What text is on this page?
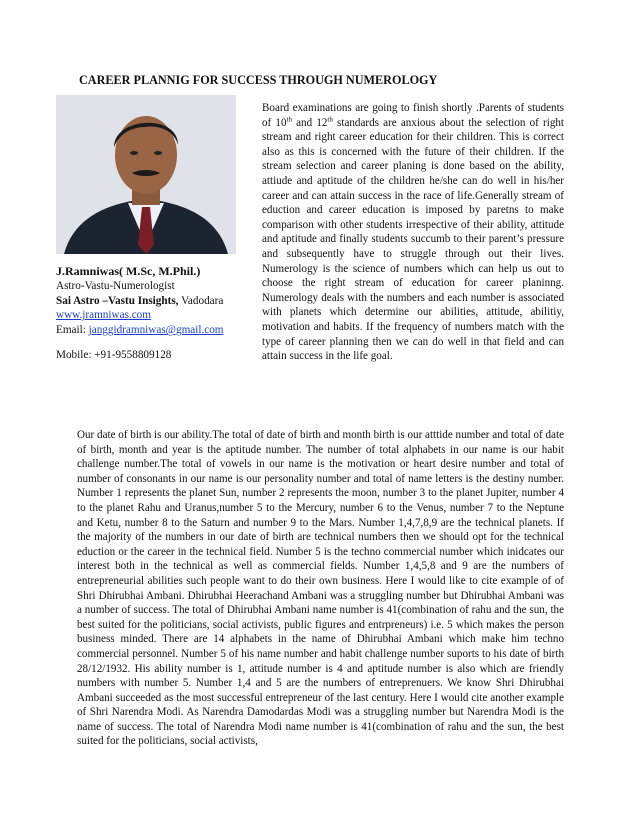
CAREER PLANNIG FOR SUCCESS THROUGH NUMEROLOGY
J.Ramniwas( M.Sc, M.Phil.)
Astro-Vastu-Numerologist
Sai Astro –Vastu Insights, Vadodara
www.jramniwas.com
Email: janggidramniwas@gmail.com
Mobile: +91-9558809128
Board examinations are going to finish shortly .Parents of students of 10th and 12th standards are anxious about the selection of right stream and right career education for their children. This is correct also as this is concerned with the future of their children. If the stream selection and career planing is done based on the ability, attiude and aptitude of the children he/she can do well in his/her career and can attain success in the race of life.Generally stream of eduction and career education is imposed by paretns to make comparison with other students irrespective of their ability, attitude and aptitude and finally students succumb to their parent’s pressure and subsequently have to struggle through out their lives. Numerology is the science of numbers which can help us out to choose the right stream of education for career planinng. Numerology deals with the numbers and each number is associated with planets which determine our abilities, attitude, abilitiy, motivation and habits. If the frequency of numbers match with the type of career planning then we can do well in that field and can attain success in the life goal.
Our date of birth is our ability.The total of date of birth and month birth is our atttide number and total of date of birth, month and year is the aptitude number. The number of total alphabets in our name is our habit challenge number.The total of vowels in our name is the motivation or heart desire number and total of number of consonants in our name is our personality number and total of name letters is the destiny number. Number 1 represents the planet Sun, number 2 represents the moon, number 3 to the planet Jupiter, number 4 to the planet Rahu and Uranus,number 5 to the Mercury, number 6 to the Venus, number 7 to the Neptune and Ketu, number 8 to the Saturn and number 9 to the Mars. Number 1,4,7,8,9 are the technical planets. If the majority of the numbers in our date of birth are technical numbers then we should opt for the technical eduction or the career in the technical field. Number 5 is the techno commercial number which inidcates our interest both in the technical as well as commercial fields. Number 1,4,5,8 and 9 are the numbers of entrepreneurial abilities such people want to do their own business. Here I would like to cite example of of Shri Dhirubhai Ambani. Dhirubhai Heerachand Ambani was a struggling number but Dhirubhai Ambani was a number of success. The total of Dhirubhai Ambani name number is 41(combination of rahu and the sun, the best suited for the politicians, social activists, public figures and entrpreneurs) i.e. 5 which makes the person business minded. There are 14 alphabets in the name of Dhirubhai Ambani which make him techno commercial personnel. Number 5 of his name number and habit challenge number suports to his date of birth 28/12/1932. His ability number is 1, attitude number is 4 and aptitude number is also which are friendly numbers with number 5. Number 1,4 and 5 are the numbers of entreprenuers. We know Shri Dhirubhai Ambani succeeded as the most successful entrepreneur of the last century. Here I would cite another example of Shri Narendra Modi. As Narendra Damodardas Modi was a struggling number but Narendra Modi is the name of success. The total of Narendra Modi name number is 41(combination of rahu and the sun, the best suited for the politicians, social activists,
